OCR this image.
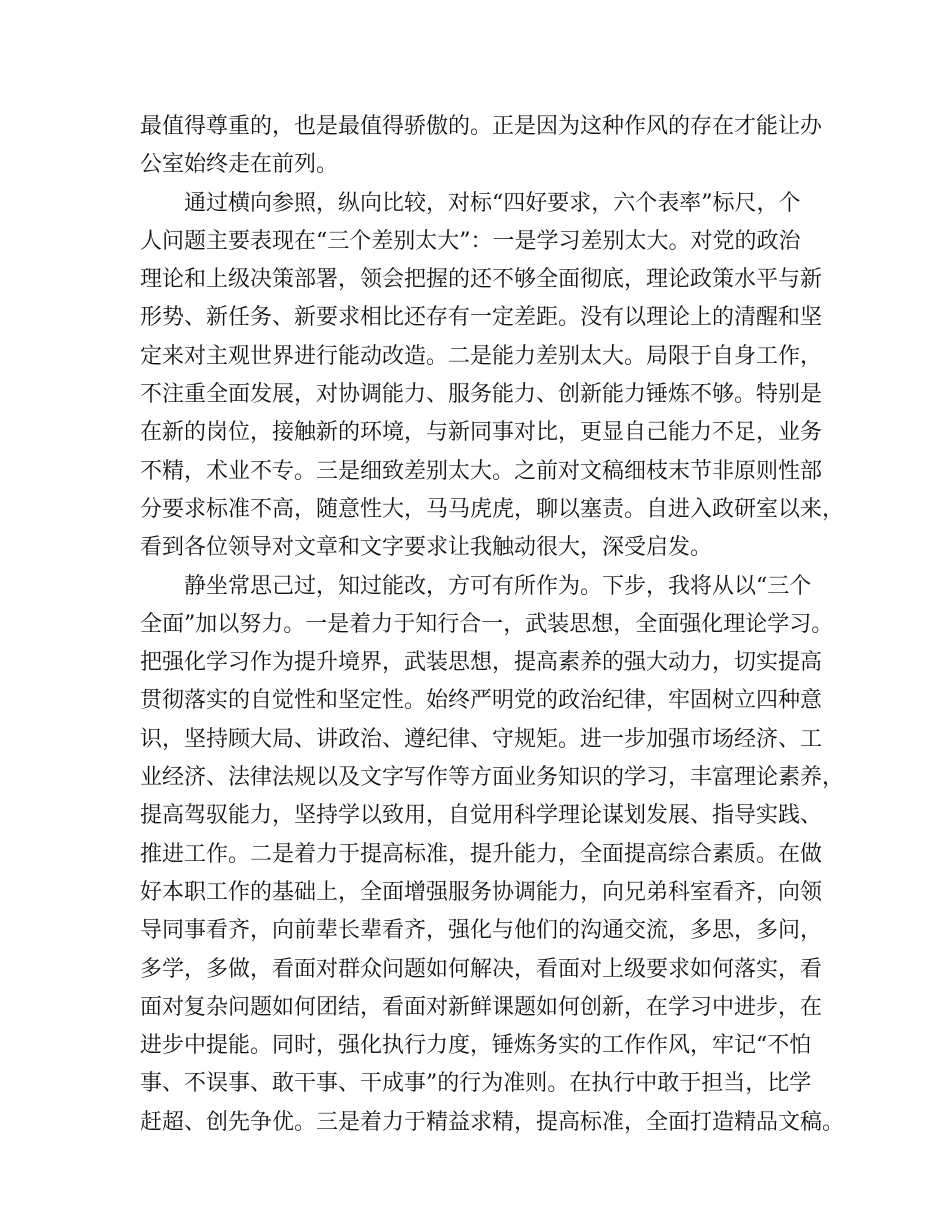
最值得尊重的，也是最值得骄傲的。正是因为这种作风的存在才能让办
公室始终走在前列。
通过横向参照，纵向比较，对标“四好要求，六个表率”标尺，个
人问题主要表现在“三个差别太大”：一是学习差别太大。对党的政治
理论和上级决策部署，领会把握的还不够全面彻底，理论政策水平与新
形势、新任务、新要求相比还存有一定差距。没有以理论上的清醒和坚
定来对主观世界进行能动改造。二是能力差别太大。局限于自身工作，
不注重全面发展，对协调能力、服务能力、创新能力锤炼不够。特别是
在新的岗位，接触新的环境，与新同事对比，更显自己能力不足，业务
不精，术业不专。三是细致差别太大。之前对文稿细枝末节非原则性部
分要求标准不高，随意性大，马马虎虎，聊以塞责。自进入政研室以来，
看到各位领导对文章和文字要求让我触动很大，深受启发。
静坐常思己过，知过能改，方可有所作为。下步，我将从以“三个
全面”加以努力。一是着力于知行合一，武装思想，全面强化理论学习。
把强化学习作为提升境界，武装思想，提高素养的强大动力，切实提高
贯彻落实的自觉性和坚定性。始终严明党的政治纪律，牢固树立四种意
识，坚持顾大局、讲政治、遵纪律、守规矩。进一步加强市场经济、工
业经济、法律法规以及文字写作等方面业务知识的学习，丰富理论素养，
提高驾驭能力，坚持学以致用，自觉用科学理论谋划发展、指导实践、
推进工作。二是着力于提高标准，提升能力，全面提高综合素质。在做
好本职工作的基础上，全面增强服务协调能力，向兄弟科室看齐，向领
导同事看齐，向前辈长辈看齐，强化与他们的沟通交流，多思，多问，
多学，多做，看面对群众问题如何解决，看面对上级要求如何落实，看
面对复杂问题如何团结，看面对新鲜课题如何创新，在学习中进步，在
进步中提能。同时，强化执行力度，锤炼务实的工作作风，牢记“不怕
事、不误事、敢干事、干成事”的行为准则。在执行中敢于担当，比学
赶超、创先争优。三是着力于精益求精，提高标准，全面打造精品文稿。
